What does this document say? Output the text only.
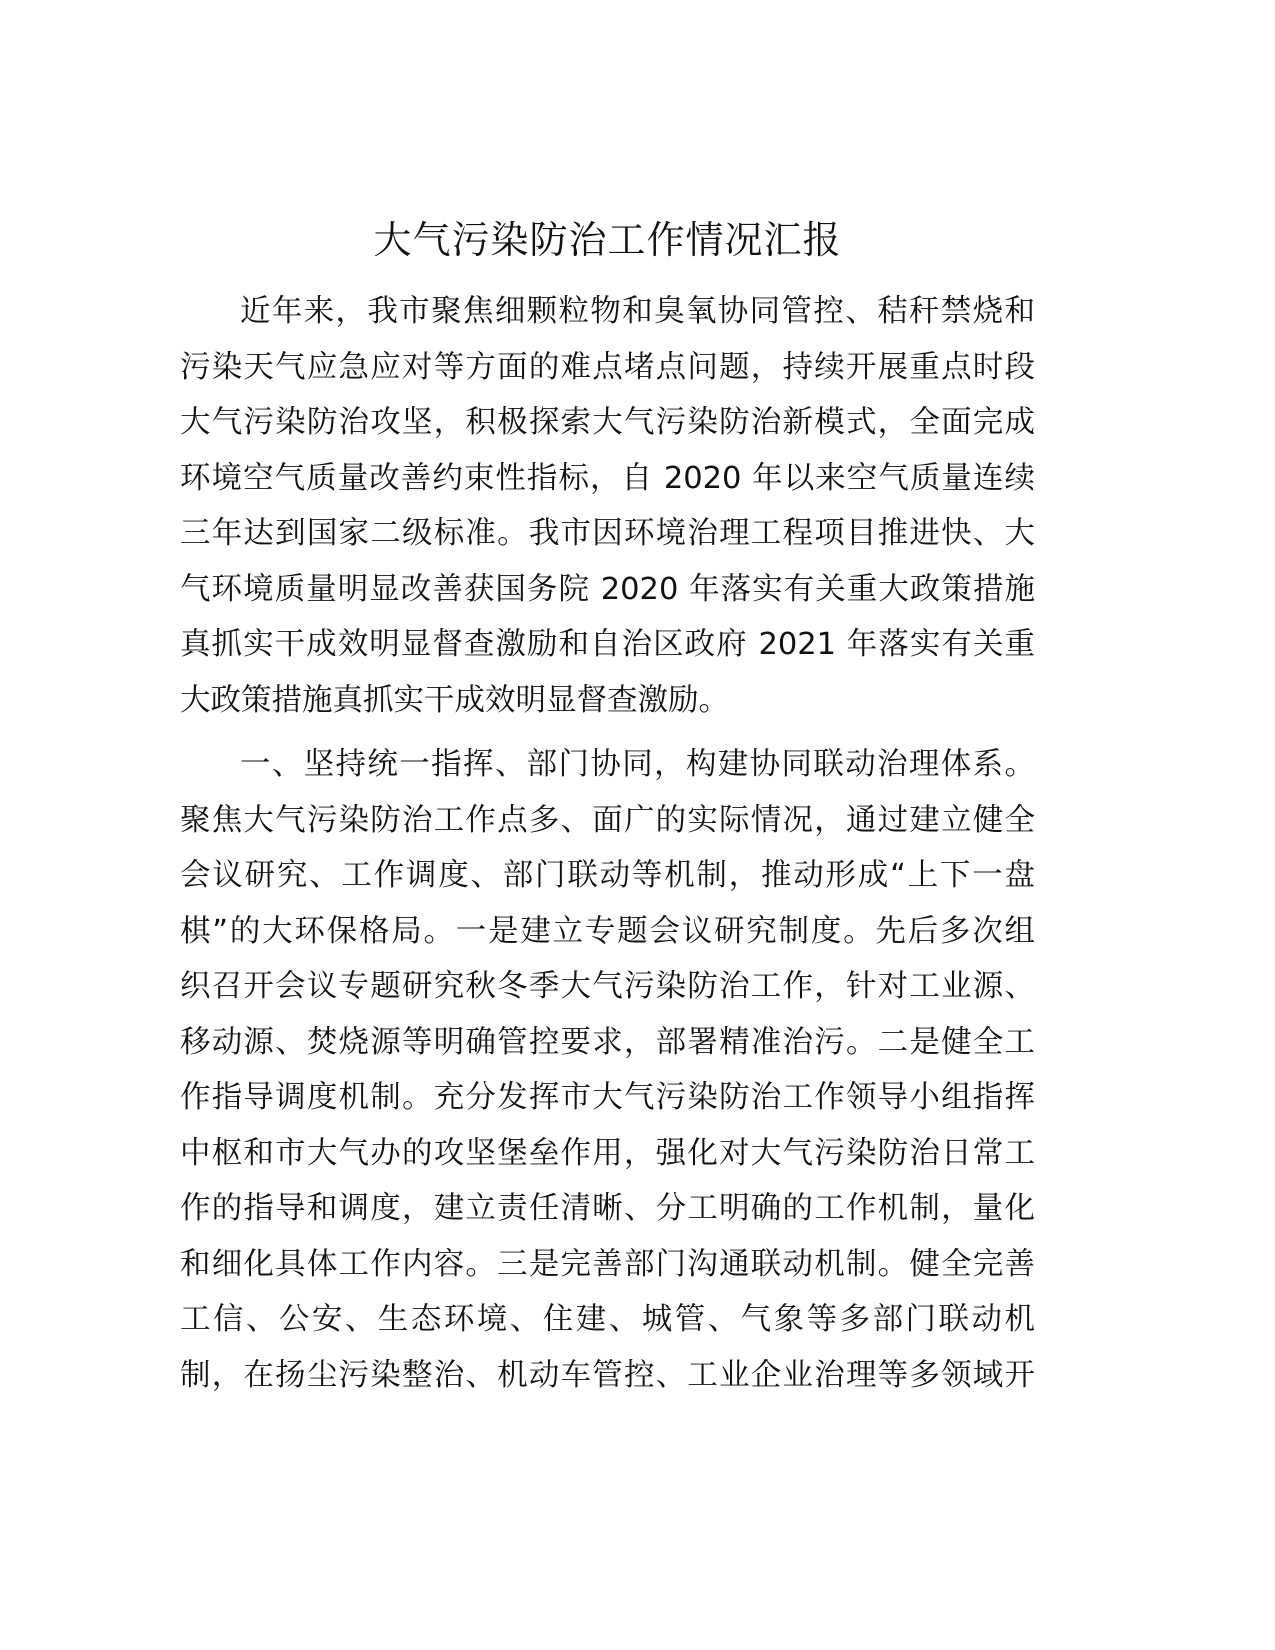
大气污染防治工作情况汇报
近年来，我市聚焦细颗粒物和臭氧协同管控、秸秆禁烧和
污染天气应急应对等方面的难点堵点问题，持续开展重点时段
大气污染防治攻坚，积极探索大气污染防治新模式，全面完成
环境空气质量改善约束性指标，自 2020 年以来空气质量连续
三年达到国家二级标准。我市因环境治理工程项目推进快、大
气环境质量明显改善获国务院 2020 年落实有关重大政策措施
真抓实干成效明显督查激励和自治区政府 2021 年落实有关重
大政策措施真抓实干成效明显督查激励。
一、坚持统一指挥、部门协同，构建协同联动治理体系。
聚焦大气污染防治工作点多、面广的实际情况，通过建立健全
会议研究、工作调度、部门联动等机制，推动形成“上下一盘
棋”的大环保格局。一是建立专题会议研究制度。先后多次组
织召开会议专题研究秋冬季大气污染防治工作，针对工业源、
移动源、焚烧源等明确管控要求，部署精准治污。二是健全工
作指导调度机制。充分发挥市大气污染防治工作领导小组指挥
中枢和市大气办的攻坚堡垒作用，强化对大气污染防治日常工
作的指导和调度，建立责任清晰、分工明确的工作机制，量化
和细化具体工作内容。三是完善部门沟通联动机制。健全完善
工信、公安、生态环境、住建、城管、气象等多部门联动机
制，在扬尘污染整治、机动车管控、工业企业治理等多领域开
